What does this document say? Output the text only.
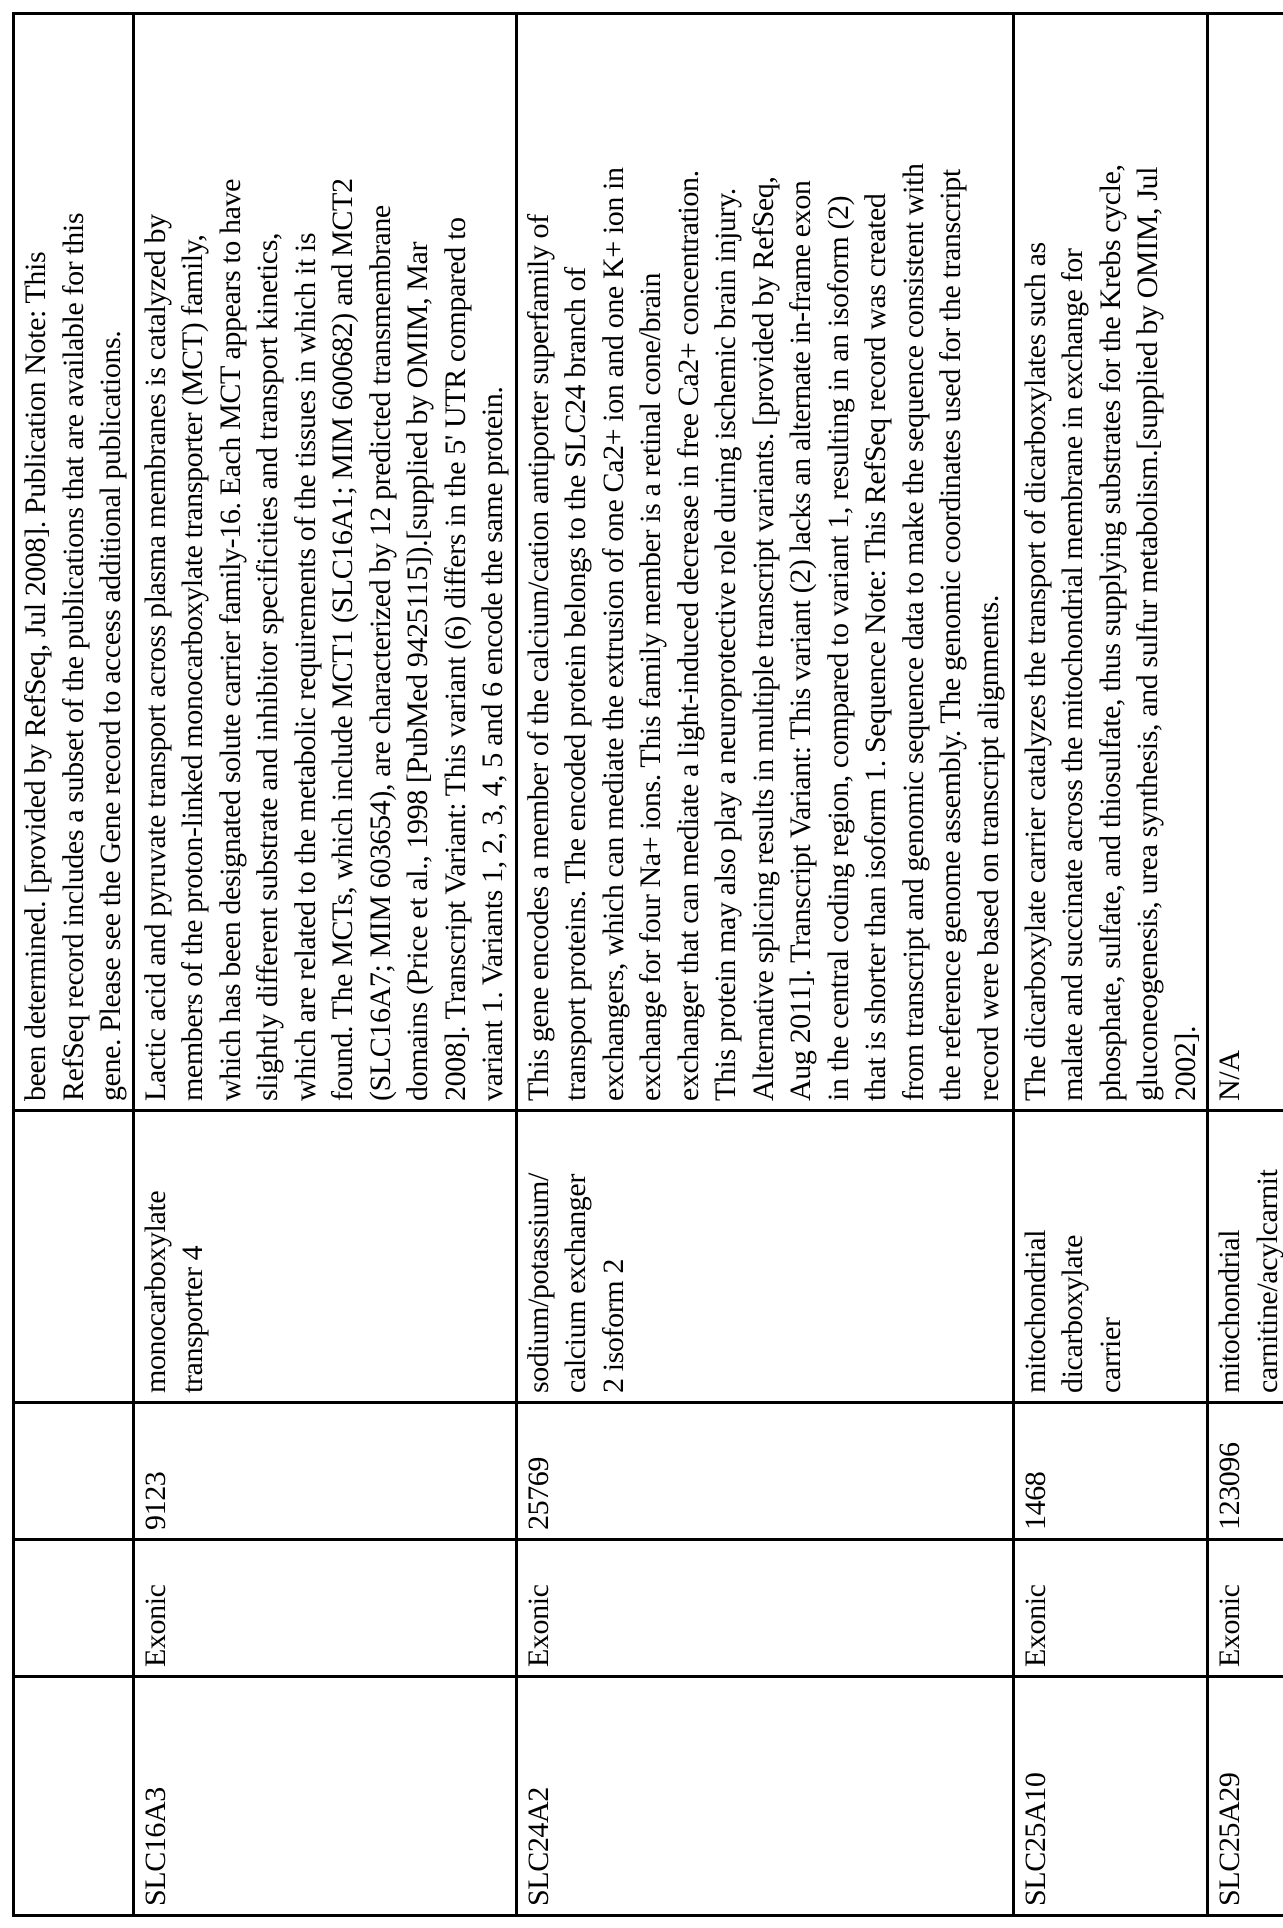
been determined. [provided by RefSeq, Jul 2008]. Publication Note: This RefSeq record includes a subset of the publications that are available for this gene. Please see the Gene record to access additional publications.

SLC16A3

Exonic

9123

monocarboxylate transporter 4

Lactic acid and pyruvate transport across plasma membranes is catalyzed by members of the proton-linked monocarboxylate transporter (MCT) family, which has been designated solute carrier family-16. Each MCT appears to have slightly different substrate and inhibitor specificities and transport kinetics, which are related to the metabolic requirements of the tissues in which it is found. The MCTs, which include MCT1 (SLC16A1; MIM 600682) and MCT2 (SLC16A7; MIM 603654), are characterized by 12 predicted transmembrane domains (Price et al., 1998 [PubMed 9425115]).[supplied by OMIM, Mar 2008]. Transcript Variant: This variant (6) differs in the 5' UTR compared to variant 1. Variants 1, 2, 3, 4, 5 and 6 encode the same protein.

SLC24A2

Exonic

25769

sodium/potassium/ calcium exchanger 2 isoform 2

This gene encodes a member of the calcium/cation antiporter superfamily of transport proteins. The encoded protein belongs to the SLC24 branch of exchangers, which can mediate the extrusion of one Ca2+ ion and one K+ ion in exchange for four Na+ ions. This family member is a retinal cone/brain exchanger that can mediate a light-induced decrease in free Ca2+ concentration. This protein may also play a neuroprotective role during ischemic brain injury. Alternative splicing results in multiple transcript variants. [provided by RefSeq, Aug 2011]. Transcript Variant: This variant (2) lacks an alternate in-frame exon in the central coding region, compared to variant 1, resulting in an isoform (2) that is shorter than isoform 1. Sequence Note: This RefSeq record was created from transcript and genomic sequence data to make the sequence consistent with the reference genome assembly. The genomic coordinates used for the transcript record were based on transcript alignments.

SLC25A10

Exonic

1468

mitochondrial dicarboxylate carrier

The dicarboxylate carrier catalyzes the transport of dicarboxylates such as malate and succinate across the mitochondrial membrane in exchange for phosphate, sulfate, and thiosulfate, thus supplying substrates for the Krebs cycle, gluconeogenesis, urea synthesis, and sulfur metabolism.[supplied by OMIM, Jul 2002].

SLC25A29

Exonic

123096

mitochondrial carnitine/acylcarnit

N/A
